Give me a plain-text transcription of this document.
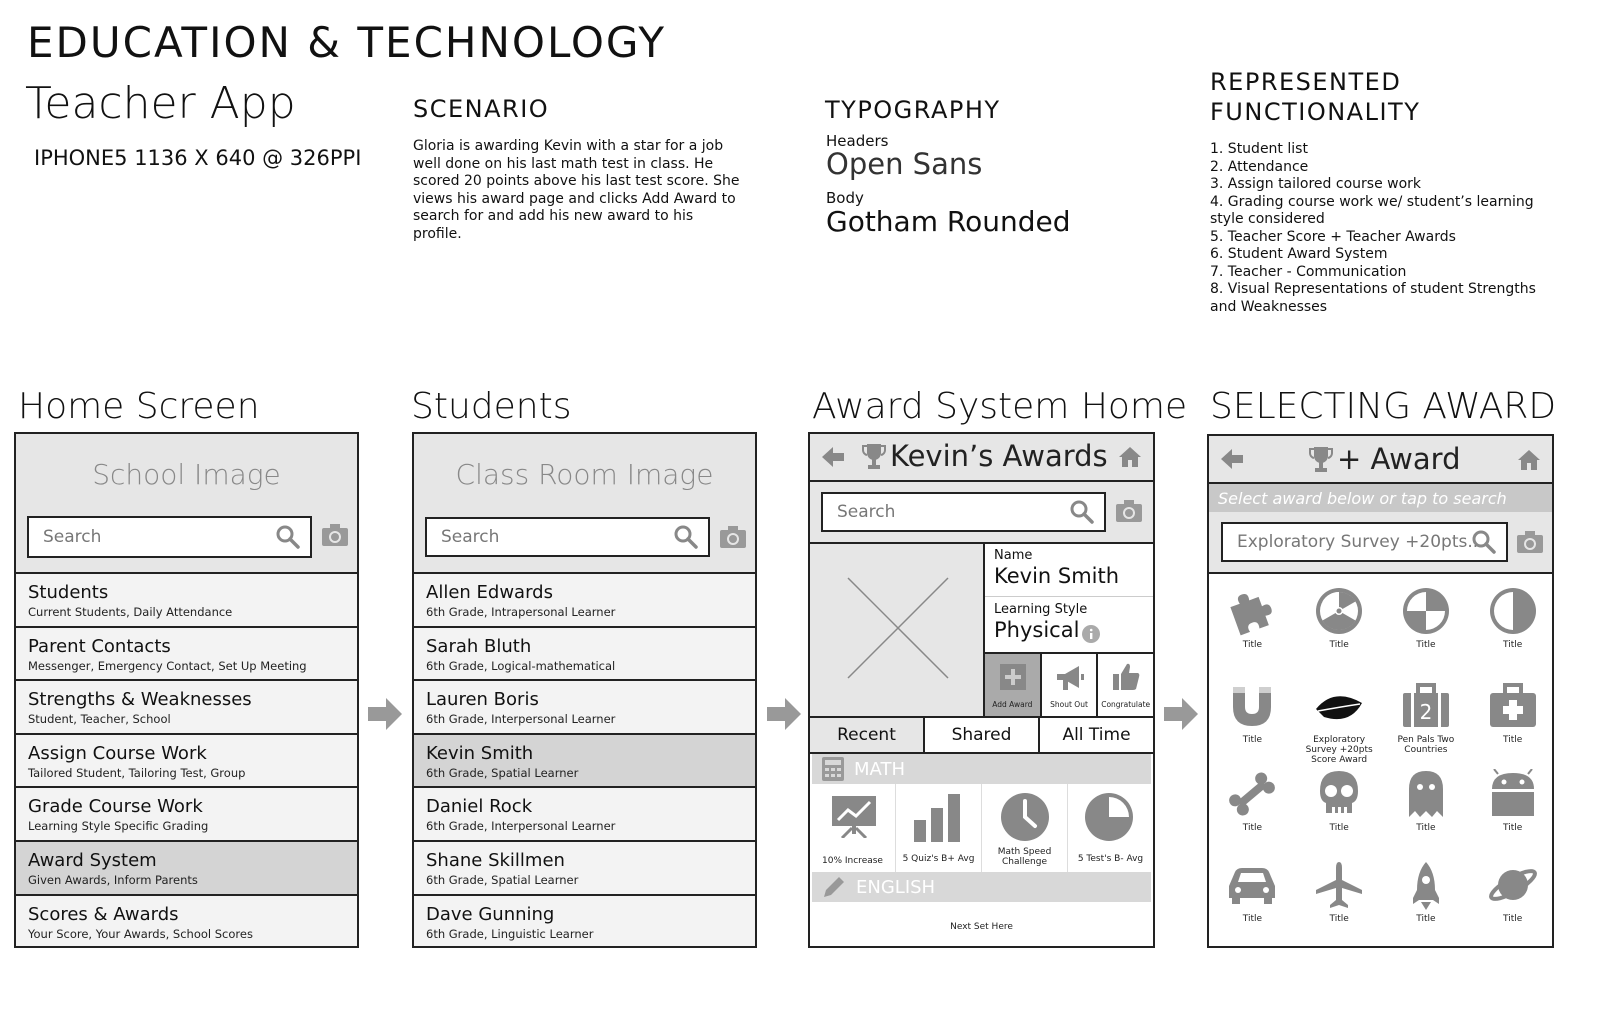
EDUCATION & TECHNOLOGY
Teacher App
IPHONE5 1136 X 640 @ 326PPI
SCENARIO
Gloria is awarding Kevin with a star for a job well done on his last math test in class. He scored 20 points above his last test score. She views his award page and clicks Add Award to search for and add his new award to his profile.
TYPOGRAPHY
Headers
Open Sans
Body
Gotham Rounded
REPRESENTED
FUNCTIONALITY
1. Student list
2. Attendance
3. Assign tailored course work
4. Grading course work we/ student’s learning style considered
5. Teacher Score + Teacher Awards
6. Student Award System
7. Teacher - Communication
8. Visual Representations of student Strengths and Weaknesses
Home Screen	Students	Award System Home SELECTING AWARD
School Image
Search
Students
Current Students, Daily Attendance
Parent Contacts
Messenger, Emergency Contact, Set Up Meeting
Strengths & Weaknesses
Student, Teacher, School
Assign Course Work
Tailored Student, Tailoring Test, Group
Grade Course Work
Learning Style Specific Grading
Award System
Given Awards, Inform Parents
Scores & Awards
Your Score, Your Awards, School Scores
Class Room Image
Search
Allen Edwards
6th Grade, Intrapersonal Learner
Sarah Bluth
6th Grade, Logical-mathematical
Lauren Boris
6th Grade, Interpersonal Learner
Kevin Smith
6th Grade, Spatial Learner
Daniel Rock
6th Grade, Interpersonal Learner
Shane Skillmen
6th Grade, Spatial Learner
Dave Gunning
6th Grade, Linguistic Learner
Kevin’s Awards
Search
Name
Kevin Smith
Learning Style
Physical
Add Award	Shout Out	Congratulate
Recent	Shared	All Time
MATH
10% Increase	5 Quiz's B+ Avg
Math Speed Challenge	5 Test's B- Avg
ENGLISH
Next Set Here
+ Award
Select award below or tap to search
Exploratory Survey +20pts..
Title	Title	Title	Title
Title	Exploratory Survey +20pts Score Award
2
Pen Pals Two Countries
Title
Title	Title	Title	Title
Title	Title	Title	Title
